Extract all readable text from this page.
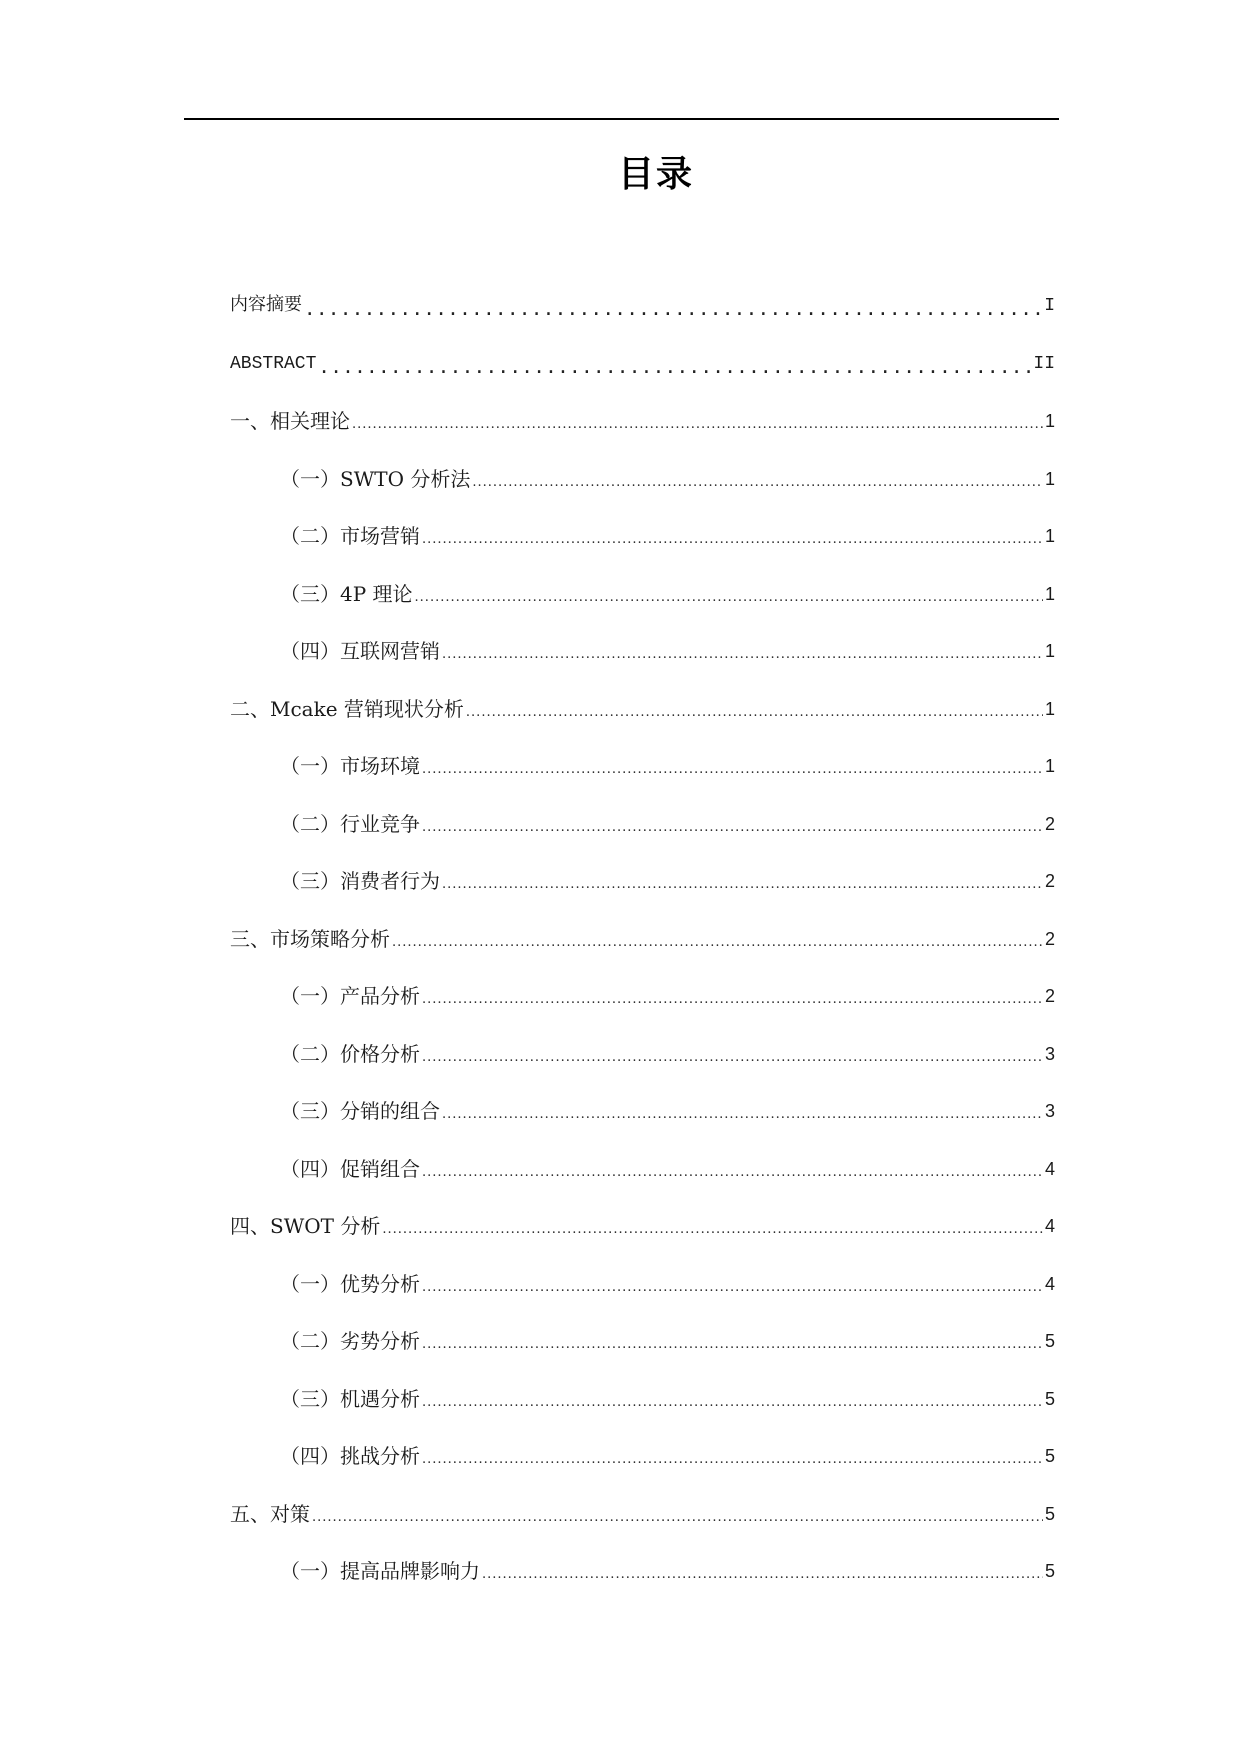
目录
内容摘要 .....	I
ABSTRACT .....	II
一、相关理论 .....	1
（一）SWTO 分析法 .....	1
（二）市场营销 .....	1
（三）4P 理论 .....	1
（四）互联网营销 .....	1
二、Mcake 营销现状分析 .....	1
（一）市场环境 .....	1
（二）行业竞争 .....	2
（三）消费者行为 .....	2
三、市场策略分析 .....	2
（一）产品分析 .....	2
（二）价格分析 .....	3
（三）分销的组合 .....	3
（四）促销组合 .....	4
四、SWOT 分析 .....	4
（一）优势分析 .....	4
（二）劣势分析 .....	5
（三）机遇分析 .....	5
（四）挑战分析 .....	5
五、对策 .....	5
（一）提高品牌影响力 .....	5
